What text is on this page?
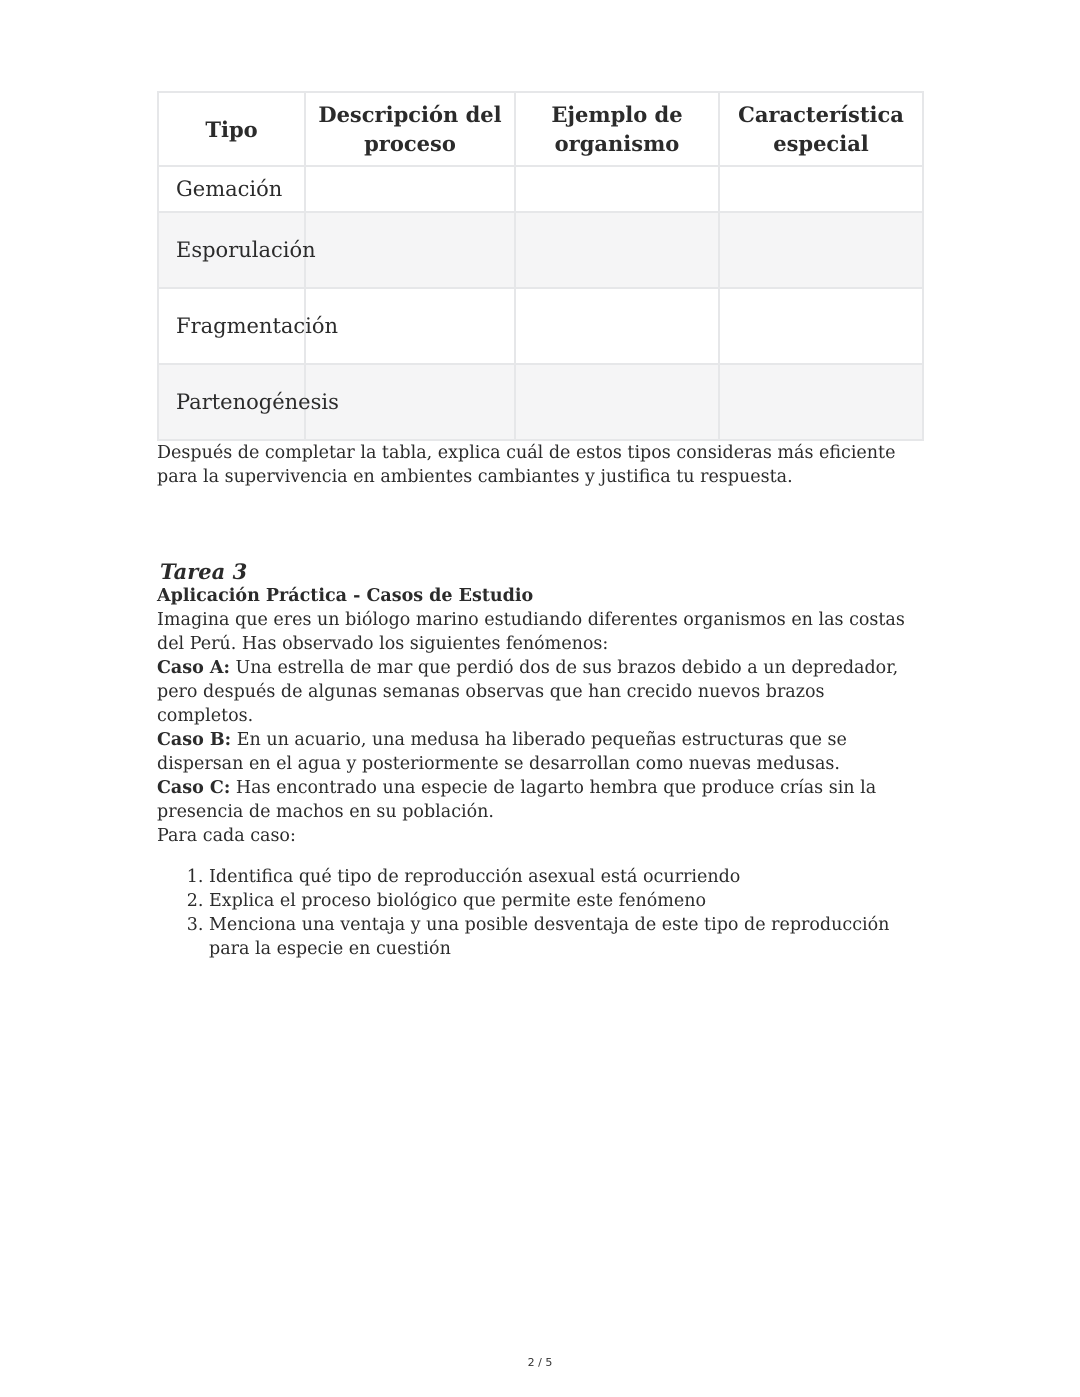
Tipo	Descripción del proceso	Ejemplo de organismo	Característica especial
Gemación			
Esporulación			
Fragmentación			
Partenogénesis			

Después de completar la tabla, explica cuál de estos tipos consideras más eficiente para la supervivencia en ambientes cambiantes y justifica tu respuesta.

Tarea 3

Aplicación Práctica - Casos de Estudio

Imagina que eres un biólogo marino estudiando diferentes organismos en las costas del Perú. Has observado los siguientes fenómenos:

Caso A: Una estrella de mar que perdió dos de sus brazos debido a un depredador, pero después de algunas semanas observas que han crecido nuevos brazos completos.

Caso B: En un acuario, una medusa ha liberado pequeñas estructuras que se dispersan en el agua y posteriormente se desarrollan como nuevas medusas.

Caso C: Has encontrado una especie de lagarto hembra que produce crías sin la presencia de machos en su población.

Para cada caso:

1. Identifica qué tipo de reproducción asexual está ocurriendo
2. Explica el proceso biológico que permite este fenómeno
3. Menciona una ventaja y una posible desventaja de este tipo de reproducción para la especie en cuestión
2 / 5
